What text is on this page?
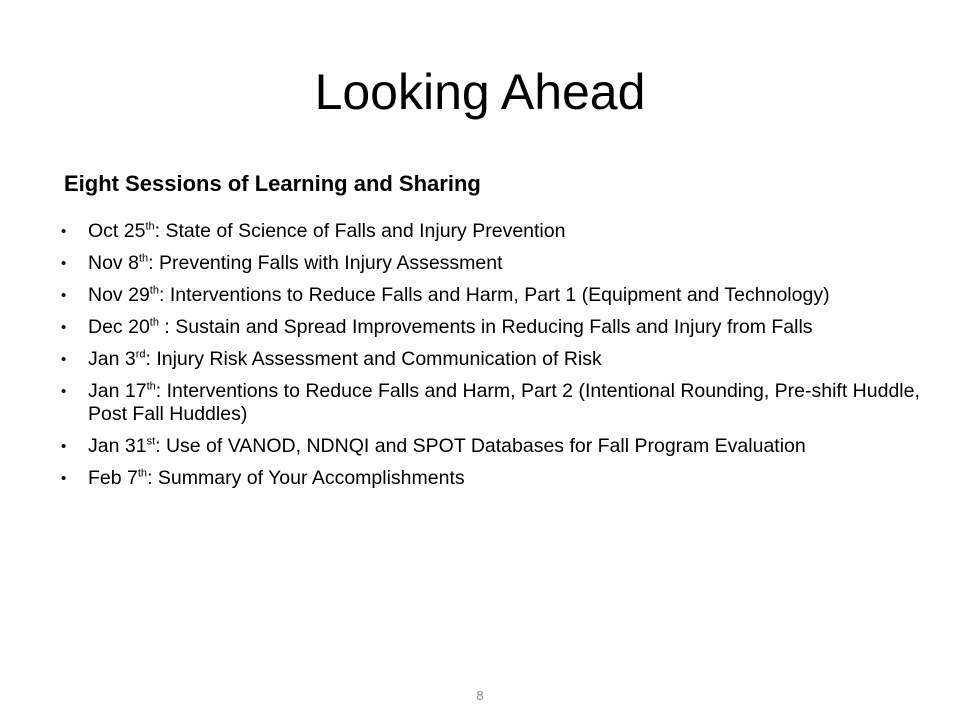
Looking Ahead
Eight Sessions of Learning and Sharing
• Oct 25th: State of Science of Falls and Injury Prevention
• Nov 8th: Preventing Falls with Injury Assessment
• Nov 29th: Interventions to Reduce Falls and Harm, Part 1 (Equipment and Technology)
• Dec 20th : Sustain and Spread Improvements in Reducing Falls and Injury from Falls
• Jan 3rd: Injury Risk Assessment and Communication of Risk
• Jan 17th: Interventions to Reduce Falls and Harm, Part 2 (Intentional Rounding, Pre-shift Huddle, Post Fall Huddles)
• Jan 31st: Use of VANOD, NDNQI and SPOT Databases for Fall Program Evaluation
• Feb 7th: Summary of Your Accomplishments
8
